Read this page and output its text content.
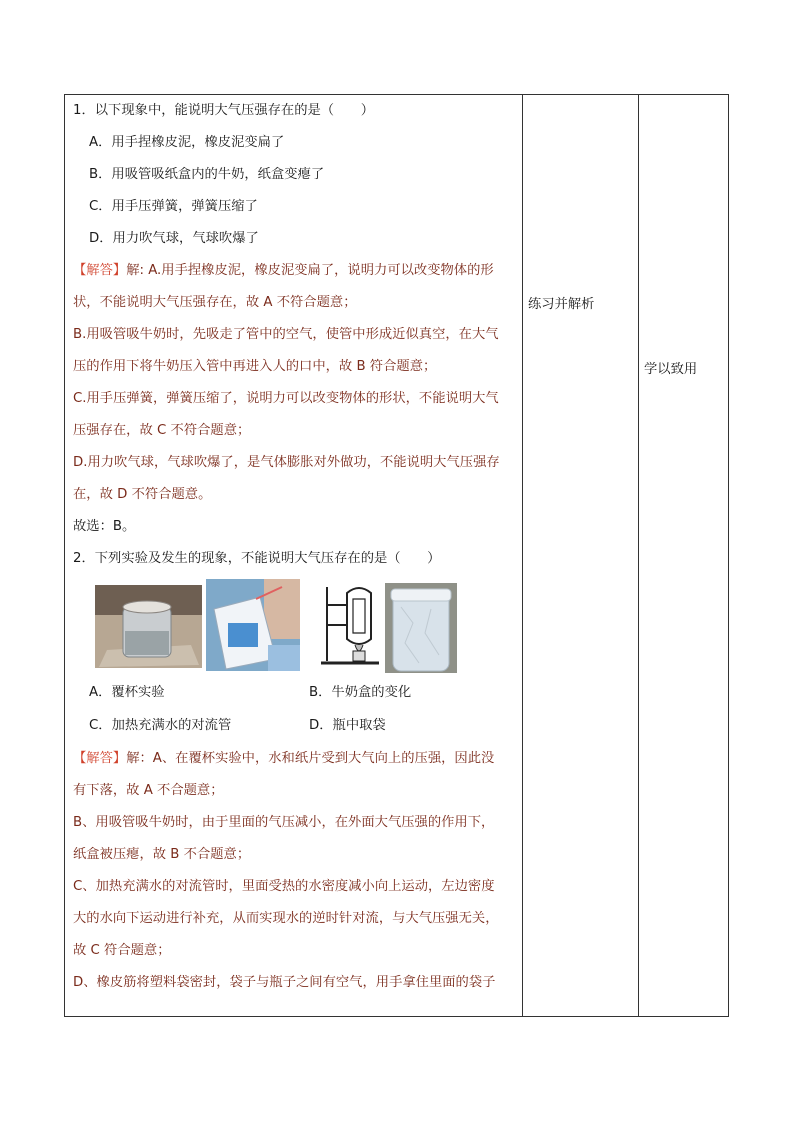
1．以下现象中，能说明大气压强存在的是（　　）
A．用手捏橡皮泥，橡皮泥变扁了
B．用吸管吸纸盒内的牛奶，纸盒变瘪了
C．用手压弹簧，弹簧压缩了
D．用力吹气球，气球吹爆了
【解答】解: A.用手捏橡皮泥，橡皮泥变扁了，说明力可以改变物体的形
状，不能说明大气压强存在，故 A 不符合题意；
B.用吸管吸牛奶时，先吸走了管中的空气，使管中形成近似真空，在大气
压的作用下将牛奶压入管中再进入人的口中，故 B 符合题意；
C.用手压弹簧，弹簧压缩了，说明力可以改变物体的形状，不能说明大气
压强存在，故 C 不符合题意；
D.用力吹气球，气球吹爆了，是气体膨胀对外做功，不能说明大气压强存
在，故 D 不符合题意。
故选：B。
2．下列实验及发生的现象，不能说明大气压存在的是（　　）
A．覆杯实验	B．牛奶盒的变化
C．加热充满水的对流管	D．瓶中取袋
【解答】解：A、在覆杯实验中，水和纸片受到大气向上的压强，因此没
有下落，故 A 不合题意；
B、用吸管吸牛奶时，由于里面的气压减小，在外面大气压强的作用下，
纸盒被压瘪，故 B 不合题意；
C、加热充满水的对流管时，里面受热的水密度减小向上运动，左边密度
大的水向下运动进行补充，从而实现水的逆时针对流，与大气压强无关，
故 C 符合题意；
D、橡皮筋将塑料袋密封，袋子与瓶子之间有空气，用手拿住里面的袋子
练习并解析
学以致用
